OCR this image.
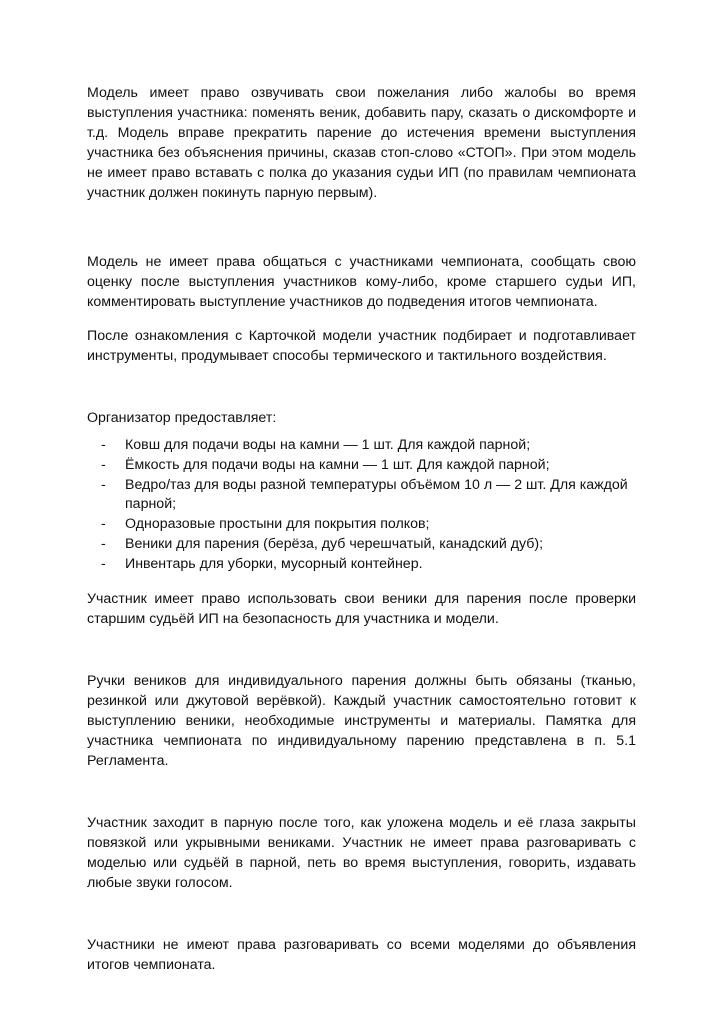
Модель имеет право озвучивать свои пожелания либо жалобы во время выступления участника: поменять веник, добавить пару, сказать о дискомфорте и т.д. Модель вправе прекратить парение до истечения времени выступления участника без объяснения причины, сказав стоп-слово «СТОП». При этом модель не имеет право вставать с полка до указания судьи ИП (по правилам чемпионата участник должен покинуть парную первым).

Модель не имеет права общаться с участниками чемпионата, сообщать свою оценку после выступления участников кому-либо, кроме старшего судьи ИП, комментировать выступление участников до подведения итогов чемпионата.

После ознакомления с Карточкой модели участник подбирает и подготавливает инструменты, продумывает способы термического и тактильного воздействия.

Организатор предоставляет:

- Ковш для подачи воды на камни — 1 шт. Для каждой парной;
- Ёмкость для подачи воды на камни — 1 шт. Для каждой парной;
- Ведро/таз для воды разной температуры объёмом 10 л — 2 шт. Для каждой парной;
- Одноразовые простыни для покрытия полков;
- Веники для парения (берёза, дуб черешчатый, канадский дуб);
- Инвентарь для уборки, мусорный контейнер.

Участник имеет право использовать свои веники для парения после проверки старшим судьёй ИП на безопасность для участника и модели.

Ручки веников для индивидуального парения должны быть обязаны (тканью, резинкой или джутовой верёвкой). Каждый участник самостоятельно готовит к выступлению веники, необходимые инструменты и материалы. Памятка для участника чемпионата по индивидуальному парению представлена в п. 5.1 Регламента.

Участник заходит в парную после того, как уложена модель и её глаза закрыты повязкой или укрывными вениками. Участник не имеет права разговаривать с моделью или судьёй в парной, петь во время выступления, говорить, издавать любые звуки голосом.

Участники не имеют права разговаривать со всеми моделями до объявления итогов чемпионата.
